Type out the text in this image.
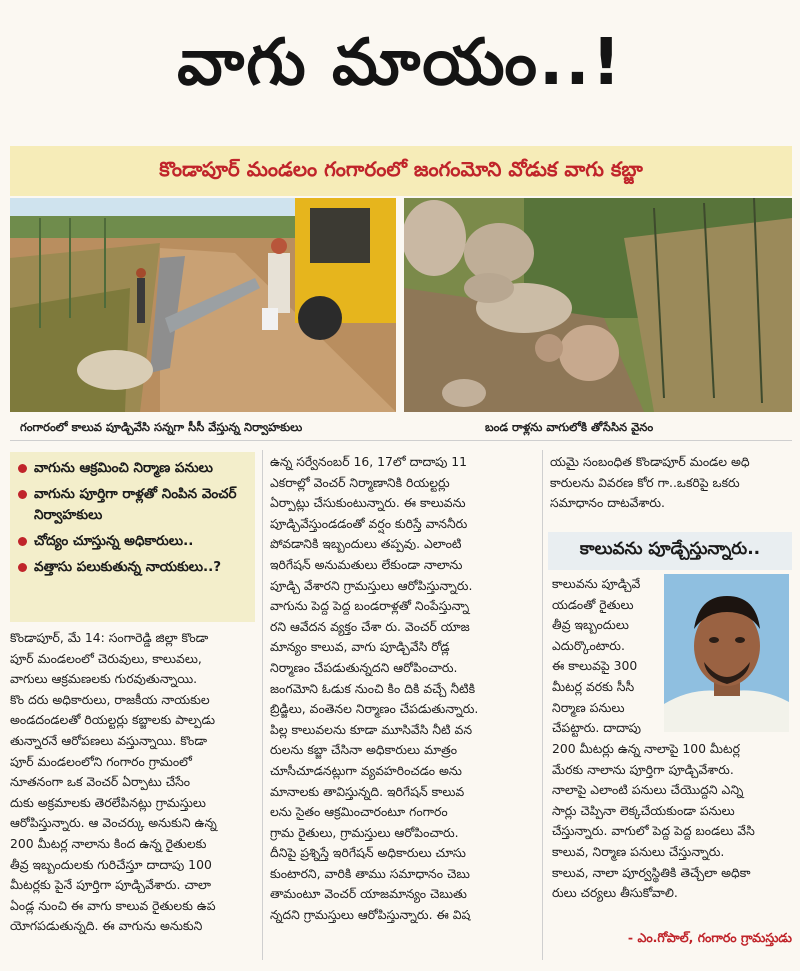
వాగు మాయం..!
కొండాపూర్ మండలం గంగారంలో జంగంమోని వోడుక వాగు కబ్జా
గంగారంలో కాలువ పూడ్చివేసి సన్నగా సీసీ వేస్తున్న నిర్వాహకులు	బండ రాళ్లను వాగులోకి తోసేసిన వైనం
వాగును ఆక్రమించి నిర్మాణ పనులు
వాగును పూర్తిగా రాళ్లతో నింపిన వెంచర్ నిర్వాహకులు
చోద్యం చూస్తున్న అధికారులు..
వత్తాసు పలుకుతున్న నాయకులు..?

కొండాపూర్, మే 14: సంగారెడ్డి జిల్లా కొండా

పూర్ మండలంలో చెరువులు, కాలువలు,

వాగులు ఆక్రమణలకు గురవుతున్నాయి.

కొం దరు అధికారులు, రాజకీయ నాయకుల

అండదండలతో రియల్టర్లు కబ్జాలకు పాల్పడు

తున్నారనే ఆరోపణలు వస్తున్నాయి. కొండా

పూర్ మండలంలోని గంగారం గ్రామంలో

నూతనంగా ఒక వెంచర్ ఏర్పాటు చేసేం

దుకు అక్రమాలకు తెరలేపినట్లు గ్రామస్తులు

ఆరోపిస్తున్నారు. ఆ వెంచర్కు అనుకుని ఉన్న

200 మీటర్ల నాలాను కింద ఉన్న రైతులకు

తీవ్ర ఇబ్బందులకు గురిచేస్తూ దాదాపు 100

మీటర్లకు పైనే పూర్తిగా పూడ్చివేశారు. చాలా

ఏండ్ల నుంచి ఈ వాగు కాలువ రైతులకు ఉప

యోగపడుతున్నది. ఈ వాగును అనుకుని

ఉన్న సర్వేనంబర్ 16, 17లో దాదాపు 11

ఎకరాల్లో వెంచర్ నిర్మాణానికి రియల్టర్లు

ఏర్పాట్లు చేసుకుంటున్నారు. ఈ కాలువను

పూడ్చివేస్తుండడంతో వర్షం కురిస్తే వాననీరు

పోవడానికి ఇబ్బందులు తప్పవు. ఎలాంటి

ఇరిగేషన్ అనుమతులు లేకుండా నాలాను

పూడ్చి వేశారని గ్రామస్తులు ఆరోపిస్తున్నారు.

వాగును పెద్ద పెద్ద బండరాళ్లతో నింపేస్తున్నా

రని ఆవేదన వ్యక్తం చేశా రు. వెంచర్ యాజ

మాన్యం కాలువ, వాగు పూడ్చివేసి రోడ్ల

నిర్మాణం చేపడుతున్నదని ఆరోపించారు.

జంగమోని ఓడుక నుంచి కిం దికి వచ్చే నీటికి

బ్రిడ్జిలు, వంతెనల నిర్మాణం చేపడుతున్నారు.

పిల్ల కాలువలను కూడా మూసివేసి నీటి వన

రులను కబ్జా చేసినా అధికారులు మాత్రం

చూసీచూడనట్లుగా వ్యవహరించడం అను

మానాలకు తావిస్తున్నది. ఇరిగేషన్ కాలువ

లను సైతం ఆక్రమించారంటూ గంగారం

గ్రామ రైతులు, గ్రామస్తులు ఆరోపించారు.

దీనిపై ప్రశ్నిస్తే ఇరిగేషన్ అధికారులు చూసు

కుంటారని, వారికి తాము సమాధానం చెబు

తామంటూ వెంచర్ యాజమాన్యం చెబుతు

న్నదని గ్రామస్తులు ఆరోపిస్తున్నారు. ఈ విష

యమై సంబంధిత కొండాపూర్ మండల అధి

కారులను వివరణ కోర గా..ఒకరిపై ఒకరు

సమాధానం దాటవేశారు.

కాలువను పూడ్చేస్తున్నారు..

కాలువను పూడ్చివే

యడంతో రైతులు

తీవ్ర ఇబ్బందులు

ఎదుర్కొంటారు.

ఈ కాలువపై 300

మీటర్ల వరకు సీసీ

నిర్మాణ పనులు

చేపట్టారు. దాదాపు

200 మీటర్లు ఉన్న నాలాపై 100 మీటర్ల

మేరకు నాలాను పూర్తిగా పూడ్చివేశారు.

నాలాపై ఎలాంటి పనులు చేయొద్దని ఎన్ని

సార్లు చెప్పినా లెక్కచేయకుండా పనులు

చేస్తున్నారు. వాగులో పెద్ద పెద్ద బండలు వేసి

కాలువ, నిర్మాణ పనులు చేస్తున్నారు.

కాలువ, నాలా పూర్వస్థితికి తెచ్చేలా అధికా

రులు చర్యలు తీసుకోవాలి.

- ఎం.గోపాల్, గంగారం గ్రామస్తుడు
